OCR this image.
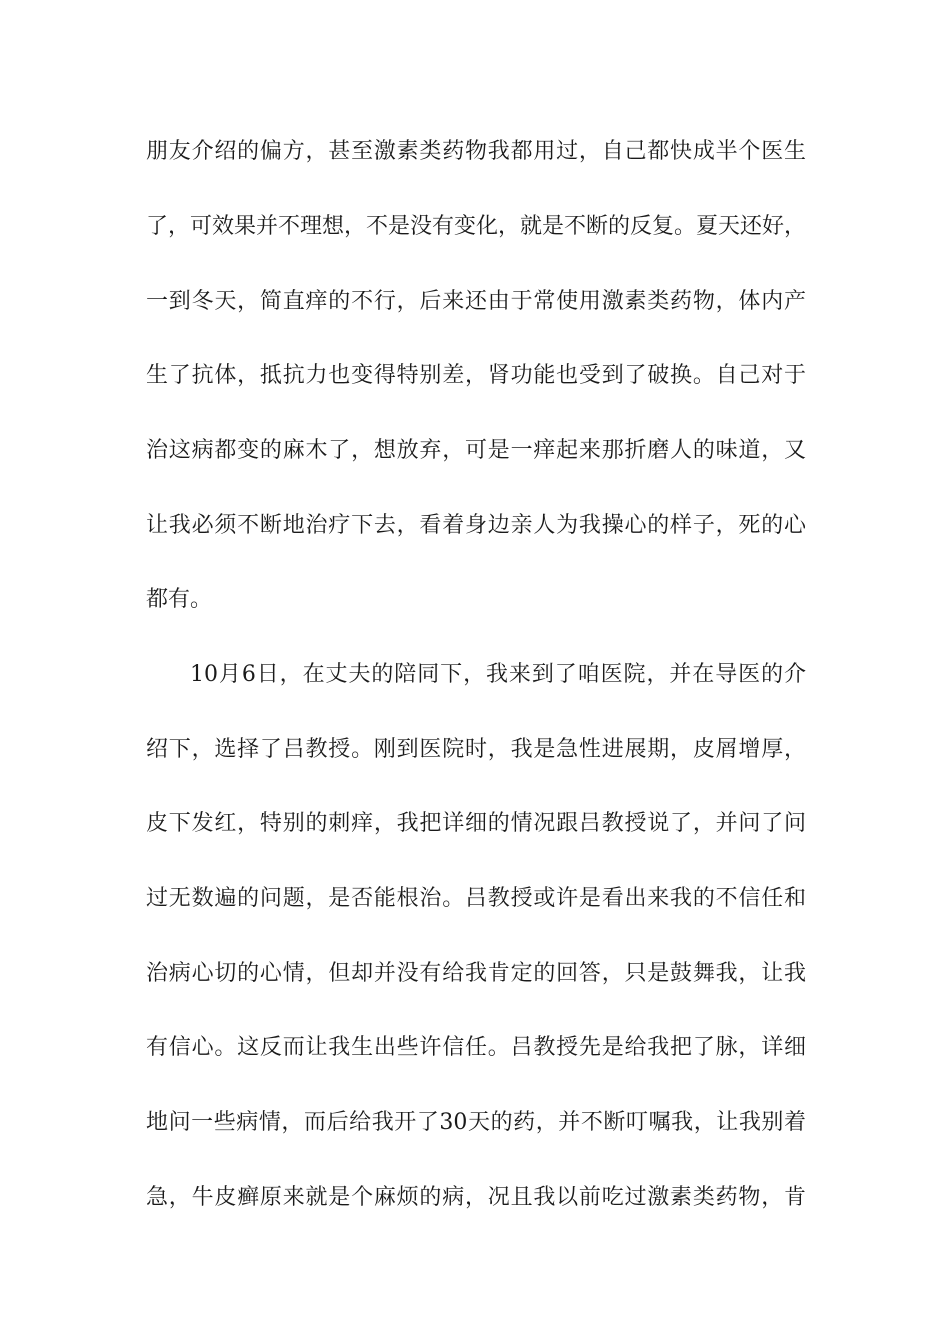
朋友介绍的偏方，甚至激素类药物我都用过，自己都快成半个医生
了，可效果并不理想，不是没有变化，就是不断的反复。夏天还好，
一到冬天，简直痒的不行，后来还由于常使用激素类药物，体内产
生了抗体，抵抗力也变得特别差，肾功能也受到了破换。自己对于
治这病都变的麻木了，想放弃，可是一痒起来那折磨人的味道，又
让我必须不断地治疗下去，看着身边亲人为我操心的样子，死的心
都有。
10月6日，在丈夫的陪同下，我来到了咱医院，并在导医的介
绍下，选择了吕教授。刚到医院时，我是急性进展期，皮屑增厚，
皮下发红，特别的刺痒，我把详细的情况跟吕教授说了，并问了问
过无数遍的问题，是否能根治。吕教授或许是看出来我的不信任和
治病心切的心情，但却并没有给我肯定的回答，只是鼓舞我，让我
有信心。这反而让我生出些许信任。吕教授先是给我把了脉，详细
地问一些病情，而后给我开了30天的药，并不断叮嘱我，让我别着
急，牛皮癣原来就是个麻烦的病，况且我以前吃过激素类药物，肯
